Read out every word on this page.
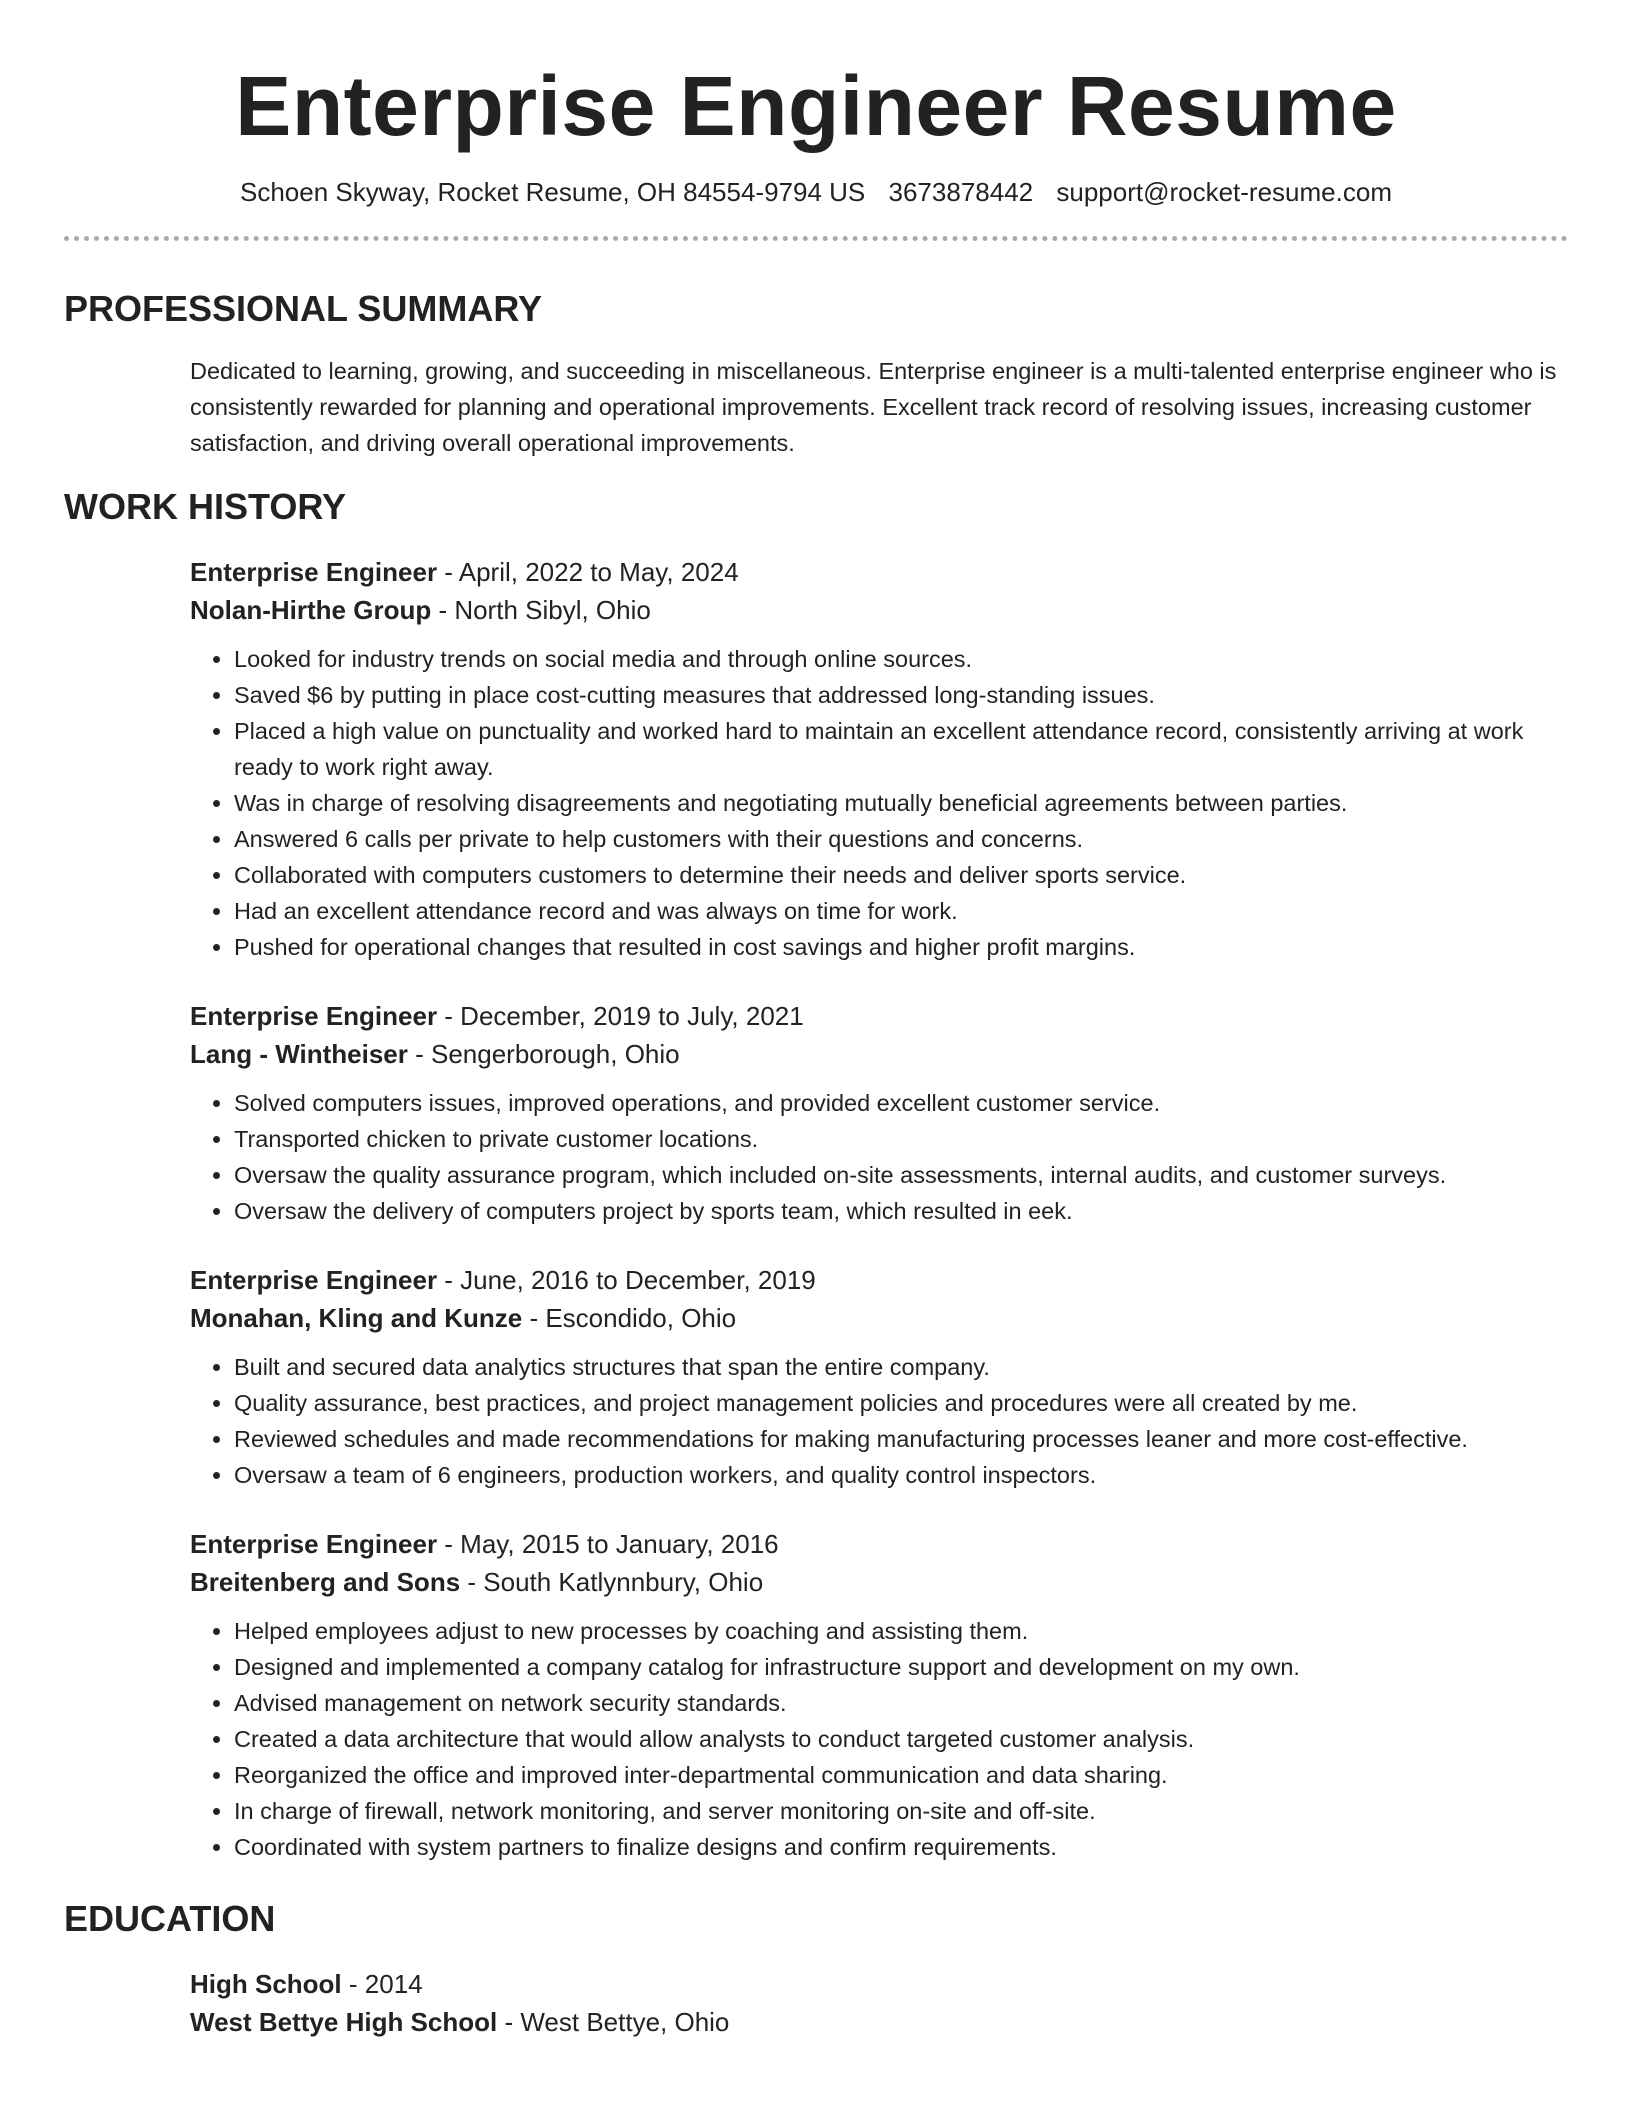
Enterprise Engineer Resume
Schoen Skyway, Rocket Resume, OH 84554-9794 US 3673878442 support@rocket-resume.com
PROFESSIONAL SUMMARY
Dedicated to learning, growing, and succeeding in miscellaneous. Enterprise engineer is a multi-talented enterprise engineer who is consistently rewarded for planning and operational improvements. Excellent track record of resolving issues, increasing customer satisfaction, and driving overall operational improvements.
WORK HISTORY
Enterprise Engineer - April, 2022 to May, 2024
Nolan-Hirthe Group - North Sibyl, Ohio
• Looked for industry trends on social media and through online sources.
• Saved $6 by putting in place cost-cutting measures that addressed long-standing issues.
• Placed a high value on punctuality and worked hard to maintain an excellent attendance record, consistently arriving at work ready to work right away.
• Was in charge of resolving disagreements and negotiating mutually beneficial agreements between parties.
• Answered 6 calls per private to help customers with their questions and concerns.
• Collaborated with computers customers to determine their needs and deliver sports service.
• Had an excellent attendance record and was always on time for work.
• Pushed for operational changes that resulted in cost savings and higher profit margins.
Enterprise Engineer - December, 2019 to July, 2021
Lang - Wintheiser - Sengerborough, Ohio
• Solved computers issues, improved operations, and provided excellent customer service.
• Transported chicken to private customer locations.
• Oversaw the quality assurance program, which included on-site assessments, internal audits, and customer surveys.
• Oversaw the delivery of computers project by sports team, which resulted in eek.
Enterprise Engineer - June, 2016 to December, 2019
Monahan, Kling and Kunze - Escondido, Ohio
• Built and secured data analytics structures that span the entire company.
• Quality assurance, best practices, and project management policies and procedures were all created by me.
• Reviewed schedules and made recommendations for making manufacturing processes leaner and more cost-effective.
• Oversaw a team of 6 engineers, production workers, and quality control inspectors.
Enterprise Engineer - May, 2015 to January, 2016
Breitenberg and Sons - South Katlynnbury, Ohio
• Helped employees adjust to new processes by coaching and assisting them.
• Designed and implemented a company catalog for infrastructure support and development on my own.
• Advised management on network security standards.
• Created a data architecture that would allow analysts to conduct targeted customer analysis.
• Reorganized the office and improved inter-departmental communication and data sharing.
• In charge of firewall, network monitoring, and server monitoring on-site and off-site.
• Coordinated with system partners to finalize designs and confirm requirements.
EDUCATION
High School - 2014
West Bettye High School - West Bettye, Ohio
